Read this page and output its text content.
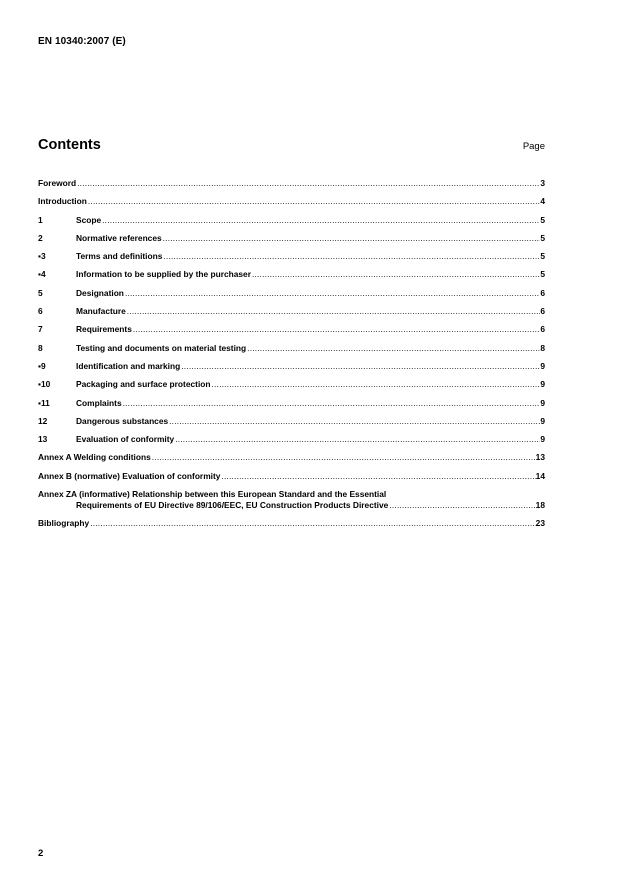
EN 10340:2007 (E)
Contents	Page
Foreword .....	3
Introduction .....	4
1	Scope .....	5
2	Normative references .....	5
▪3	Terms and definitions .....	5
▪4	Information to be supplied by the purchaser .....	5
5	Designation .....	6
6	Manufacture .....	6
7	Requirements .....	6
8	Testing and documents on material testing .....	8
▪9	Identification and marking .....	9
▪10	Packaging and surface protection .....	9
▪11	Complaints .....	9
12	Dangerous substances .....	9
13	Evaluation of conformity .....	9
Annex A Welding conditions .....	13
Annex B (normative) Evaluation of conformity .....	14
Annex ZA (informative) Relationship between this European Standard and the Essential
Requirements of EU Directive 89/106/EEC, EU Construction Products Directive .....	18
Bibliography .....	23
2
